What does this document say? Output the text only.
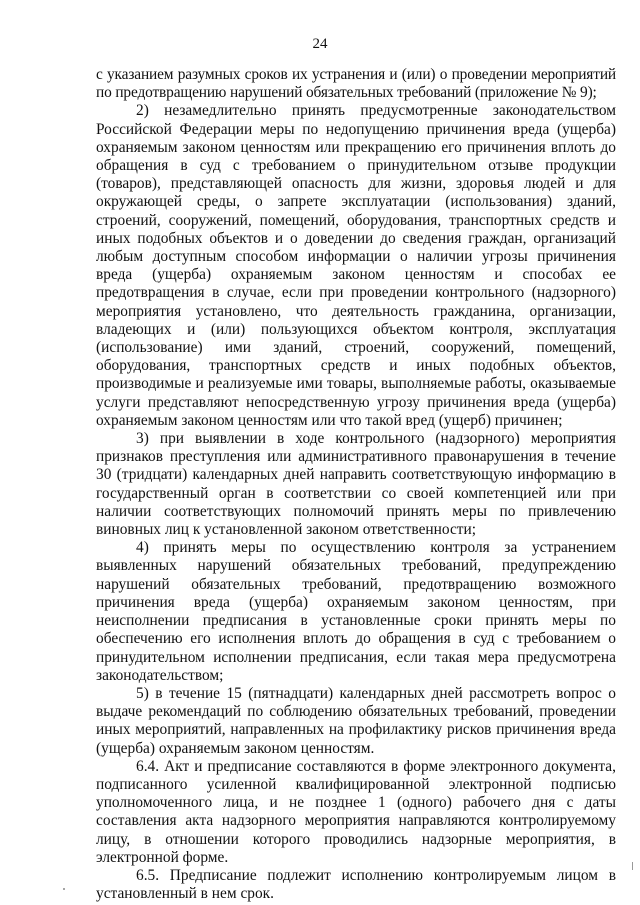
24

с указанием разумных сроков их устранения и (или) о проведении мероприятий по предотвращению нарушений обязательных требований (приложение № 9);

2) незамедлительно принять предусмотренные законодательством Российской Федерации меры по недопущению причинения вреда (ущерба) охраняемым законом ценностям или прекращению его причинения вплоть до обращения в суд с требованием о принудительном отзыве продукции (товаров), представляющей опасность для жизни, здоровья людей и для окружающей среды, о запрете эксплуатации (использования) зданий, строений, сооружений, помещений, оборудования, транспортных средств и иных подобных объектов и о доведении до сведения граждан, организаций любым доступным способом информации о наличии угрозы причинения вреда (ущерба) охраняемым законом ценностям и способах ее предотвращения в случае, если при проведении контрольного (надзорного) мероприятия установлено, что деятельность гражданина, организации, владеющих и (или) пользующихся объектом контроля, эксплуатация (использование) ими зданий, строений, сооружений, помещений, оборудования, транспортных средств и иных подобных объектов, производимые и реализуемые ими товары, выполняемые работы, оказываемые услуги представляют непосредственную угрозу причинения вреда (ущерба) охраняемым законом ценностям или что такой вред (ущерб) причинен;

3) при выявлении в ходе контрольного (надзорного) мероприятия признаков преступления или административного правонарушения в течение 30 (тридцати) календарных дней направить соответствующую информацию в государственный орган в соответствии со своей компетенцией или при наличии соответствующих полномочий принять меры по привлечению виновных лиц к установленной законом ответственности;

4) принять меры по осуществлению контроля за устранением выявленных нарушений обязательных требований, предупреждению нарушений обязательных требований, предотвращению возможного причинения вреда (ущерба) охраняемым законом ценностям, при неисполнении предписания в установленные сроки принять меры по обеспечению его исполнения вплоть до обращения в суд с требованием о принудительном исполнении предписания, если такая мера предусмотрена законодательством;

5) в течение 15 (пятнадцати) календарных дней рассмотреть вопрос о выдаче рекомендаций по соблюдению обязательных требований, проведении иных мероприятий, направленных на профилактику рисков причинения вреда (ущерба) охраняемым законом ценностям.

6.4. Акт и предписание составляются в форме электронного документа, подписанного усиленной квалифицированной электронной подписью уполномоченного лица, и не позднее 1 (одного) рабочего дня с даты составления акта надзорного мероприятия направляются контролируемому лицу, в отношении которого проводились надзорные мероприятия, в электронной форме.

6.5. Предписание подлежит исполнению контролируемым лицом в установленный в нем срок.
